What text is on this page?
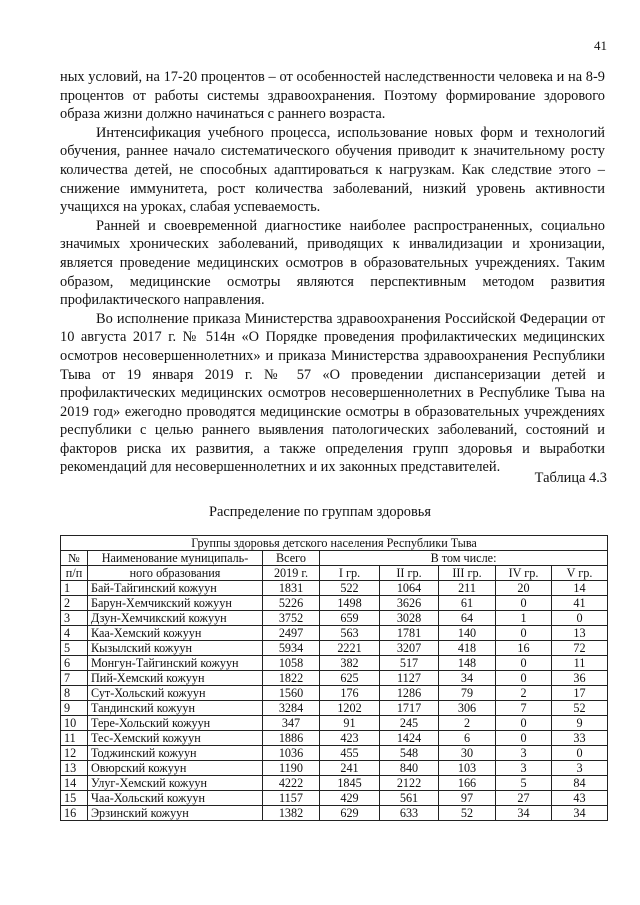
41

ных условий, на 17-20 процентов – от особенностей наследственности человека и на 8-9 процентов от работы системы здравоохранения. Поэтому формирование здорового образа жизни должно начинаться с раннего возраста.

Интенсификация учебного процесса, использование новых форм и технологий обучения, раннее начало систематического обучения приводит к значительному росту количества детей, не способных адаптироваться к нагрузкам. Как следствие этого – снижение иммунитета, рост количества заболеваний, низкий уровень активности учащихся на уроках, слабая успеваемость.

Ранней и своевременной диагностике наиболее распространенных, социально значимых хронических заболеваний, приводящих к инвалидизации и хронизации, является проведение медицинских осмотров в образовательных учреждениях. Таким образом, медицинские осмотры являются перспективным методом развития профилактического направления.

Во исполнение приказа Министерства здравоохранения Российской Федерации от 10 августа 2017 г. № 514н «О Порядке проведения профилактических медицинских осмотров несовершеннолетних» и приказа Министерства здравоохранения Республики Тыва от 19 января 2019 г. № 57 «О проведении диспансеризации детей и профилактических медицинских осмотров несовершеннолетних в Республике Тыва на 2019 год» ежегодно проводятся медицинские осмотры в образовательных учреждениях республики с целью раннего выявления патологических заболеваний, состояний и факторов риска их развития, а также определения групп здоровья и выработки рекомендаций для несовершеннолетних и их законных представителей.

Таблица 4.3
Распределение по группам здоровья
Группы здоровья детского населения Республики Тыва							
№	Наименование муниципаль-	Всего	В том числе:				
п/п	ного образования	2019 г.	I гр.	II гр.	III гр.	IV гр.	V гр.
1	Бай-Тайгинский кожуун	1831	522	1064	211	20	14
2	Барун-Хемчикский кожуун	5226	1498	3626	61	0	41
3	Дзун-Хемчикский кожуун	3752	659	3028	64	1	0
4	Каа-Хемский кожуун	2497	563	1781	140	0	13
5	Кызылский кожуун	5934	2221	3207	418	16	72
6	Монгун-Тайгинский кожуун	1058	382	517	148	0	11
7	Пий-Хемский кожуун	1822	625	1127	34	0	36
8	Сут-Хольский кожуун	1560	176	1286	79	2	17
9	Тандинский кожуун	3284	1202	1717	306	7	52
10	Тере-Хольский кожуун	347	91	245	2	0	9
11	Тес-Хемский кожуун	1886	423	1424	6	0	33
12	Тоджинский кожуун	1036	455	548	30	3	0
13	Овюрский кожуун	1190	241	840	103	3	3
14	Улуг-Хемский кожуун	4222	1845	2122	166	5	84
15	Чаа-Хольский кожуун	1157	429	561	97	27	43
16	Эрзинский кожуун	1382	629	633	52	34	34
